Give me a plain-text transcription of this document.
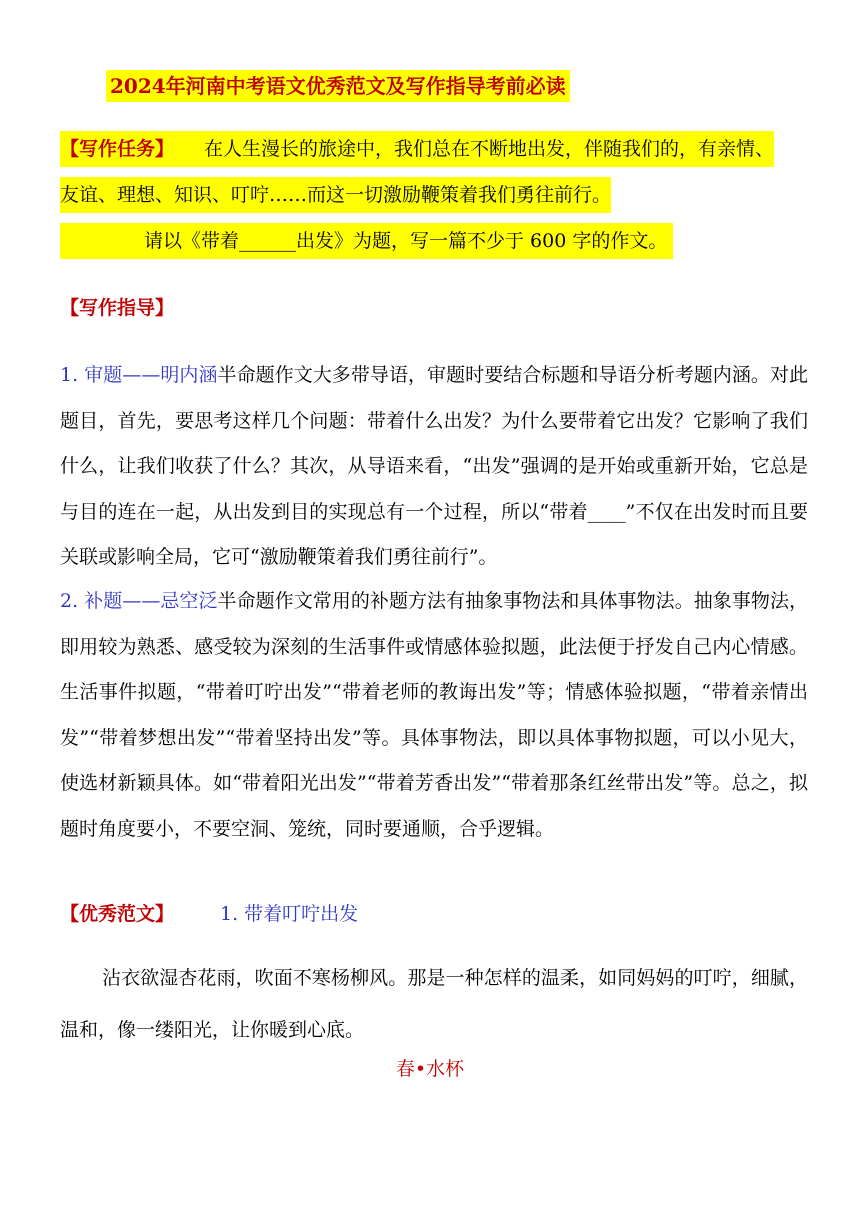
2024年河南中考语文优秀范文及写作指导考前必读
【写作任务】 在人生漫长的旅途中，我们总在不断地出发，伴随我们的，有亲情、
友谊、理想、知识、叮咛……而这一切激励鞭策着我们勇往前行。
请以《带着______出发》为题，写一篇不少于 600 字的作文。
【写作指导】

1. 审题——明内涵半命题作文大多带导语，审题时要结合标题和导语分析考题内涵。对此题目，首先，要思考这样几个问题：带着什么出发？为什么要带着它出发？它影响了我们什么，让我们收获了什么？其次，从导语来看，“出发”强调的是开始或重新开始，它总是与目的连在一起，从出发到目的实现总有一个过程，所以“带着____”不仅在出发时而且要关联或影响全局，它可“激励鞭策着我们勇往前行”。

2. 补题——忌空泛半命题作文常用的补题方法有抽象事物法和具体事物法。抽象事物法，即用较为熟悉、感受较为深刻的生活事件或情感体验拟题，此法便于抒发自己内心情感。生活事件拟题，“带着叮咛出发”“带着老师的教诲出发”等；情感体验拟题，“带着亲情出发”“带着梦想出发”“带着坚持出发”等。具体事物法，即以具体事物拟题，可以小见大，使选材新颖具体。如“带着阳光出发”“带着芳香出发”“带着那条红丝带出发”等。总之，拟题时角度要小，不要空洞、笼统，同时要通顺，合乎逻辑。

【优秀范文】 1. 带着叮咛出发

沾衣欲湿杏花雨，吹面不寒杨柳风。那是一种怎样的温柔，如同妈妈的叮咛，细腻，温和，像一缕阳光，让你暖到心底。

春•水杯
